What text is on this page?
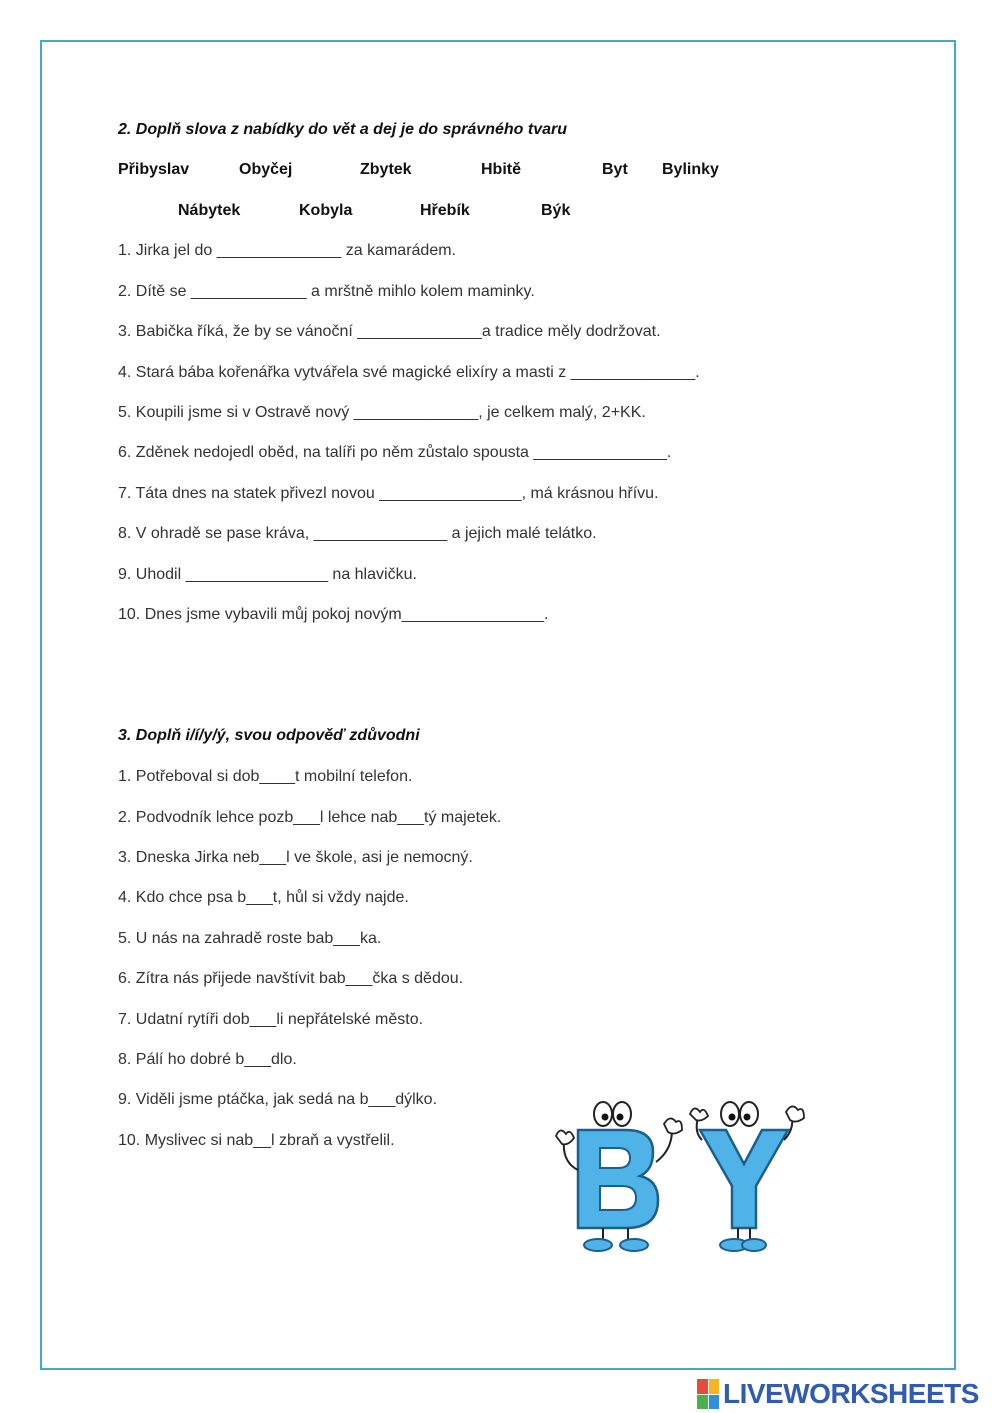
2. Doplň slova z nabídky do vět a dej je do správného tvaru
Přibyslav	Obyčej	Zbytek	Hbitě	Byt Bylinky
Nábytek	Kobyla	Hřebík	Býk
1. Jirka jel do ______________ za kamarádem.
2. Dítě se _____________ a mrštně mihlo kolem maminky.
3. Babička říká, že by se vánoční ______________a tradice měly dodržovat.
4. Stará bába kořenářka vytvářela své magické elixíry a masti z ______________.
5. Koupili jsme si v Ostravě nový ______________, je celkem malý, 2+KK.
6. Zděnek nedojedl oběd, na talíři po něm zůstalo spousta _______________.
7. Táta dnes na statek přivezl novou ________________, má krásnou hřívu.
8. V ohradě se pase kráva, _______________ a jejich malé telátko.
9. Uhodil ________________ na hlavičku.
10. Dnes jsme vybavili můj pokoj novým________________.
3. Doplň i/í/y/ý, svou odpověď zdůvodni
1. Potřeboval si dob____t mobilní telefon.
2. Podvodník lehce pozb___l lehce nab___tý majetek.
3. Dneska Jirka neb___l ve škole, asi je nemocný.
4. Kdo chce psa b___t, hůl si vždy najde.
5. U nás na zahradě roste bab___ka.
6. Zítra nás přijede navštívit bab___čka s dědou.
7. Udatní rytíři dob___li nepřátelské město.
8. Pálí ho dobré b___dlo.
9. Viděli jsme ptáčka, jak sedá na b___dýlko.
10. Myslivec si nab__l zbraň a vystřelil.
LIVEWORKSHEETS
